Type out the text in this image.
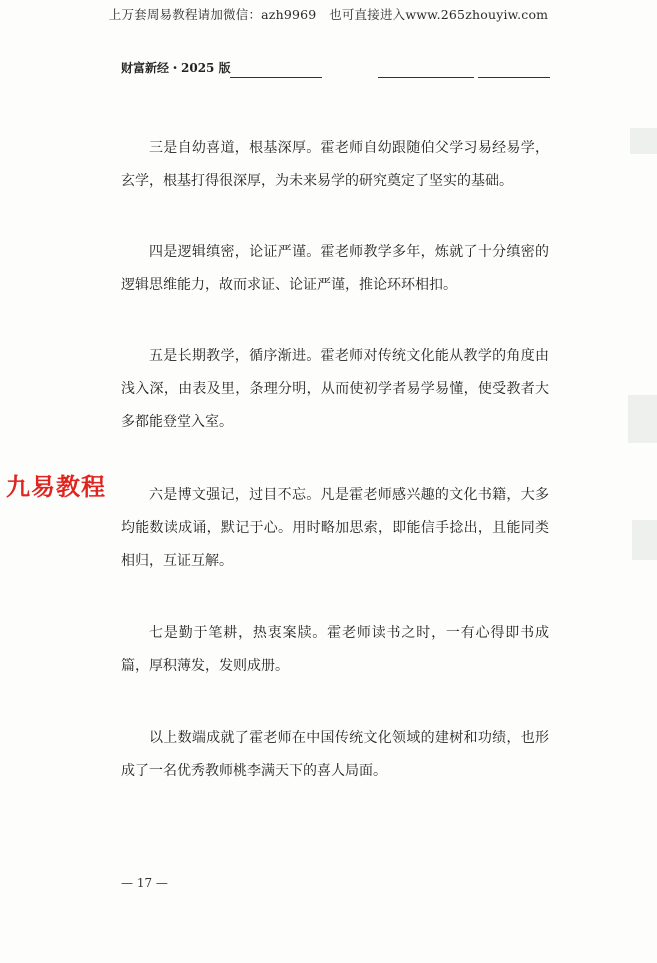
上万套周易教程请加微信：azh9969　也可直接进入www.265zhouyiw.com
财富新经・2025 版

三是自幼喜道，根基深厚。霍老师自幼跟随伯父学习易经易学，玄学，根基打得很深厚，为未来易学的研究奠定了坚实的基础。

四是逻辑缜密，论证严谨。霍老师教学多年，炼就了十分缜密的逻辑思维能力，故而求证、论证严谨，推论环环相扣。

五是长期教学，循序渐进。霍老师对传统文化能从教学的角度由浅入深，由表及里，条理分明，从而使初学者易学易懂，使受教者大多都能登堂入室。

六是博文强记，过目不忘。凡是霍老师感兴趣的文化书籍，大多均能数读成诵，默记于心。用时略加思索，即能信手捻出，且能同类相归，互证互解。

七是勤于笔耕，热衷案牍。霍老师读书之时，一有心得即书成篇，厚积薄发，发则成册。

以上数端成就了霍老师在中国传统文化领域的建树和功绩，也形成了一名优秀教师桃李满天下的喜人局面。

九易教程
— 17 —
